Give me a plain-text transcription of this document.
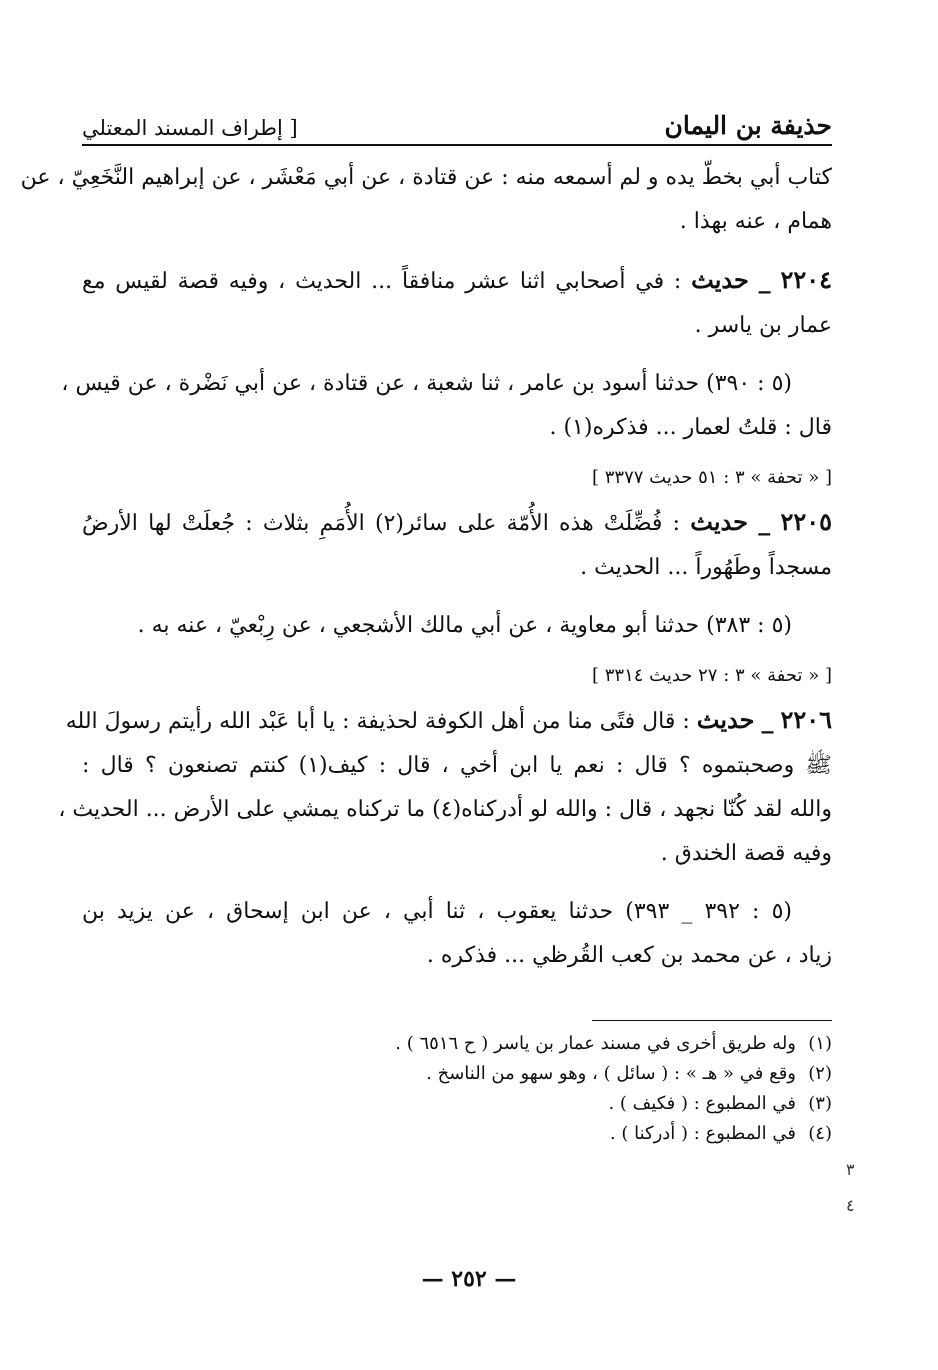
حذيفة بن اليمان
[ إطراف المسند المعتلي
كتاب أبي بخطّ يده و لم أسمعه منه : عن قتادة ، عن أبي مَعْشَر ، عن إبراهيم النَّخَعِيّ ، عن
همام ، عنه بهذا .
٢٢٠٤ _ حديث : في أصحابي اثنا عشر منافقاً ... الحديث ، وفيه قصة لقيس مع
عمار بن ياسر .
(٥ : ٣٩٠) حدثنا أسود بن عامر ، ثنا شعبة ، عن قتادة ، عن أبي نَضْرة ، عن قيس ،
قال : قلتُ لعمار ... فذكره(١) .
[ « تحفة » ٣ : ٥١ حديث ٣٣٧٧ ]
٢٢٠٥ _ حديث : فُضِّلَتْ هذه الأُمّة على سائر(٢) الأُمَمِ بثلاث : جُعلَتْ لها الأرضُ
مسجداً وطَهُوراً ... الحديث .
(٥ : ٣٨٣) حدثنا أبو معاوية ، عن أبي مالك الأشجعي ، عن رِبْعيّ ، عنه به .
[ « تحفة » ٣ : ٢٧ حديث ٣٣١٤ ]
٢٢٠٦ _ حديث : قال فتًى منا من أهل الكوفة لحذيفة : يا أبا عَبْد الله رأيتم رسولَ الله
ﷺ وصحبتموه ؟ قال : نعم يا ابن أخي ، قال : كيف(١) كنتم تصنعون ؟ قال :
والله لقد كُنّا نجهد ، قال : والله لو أدركناه(٤) ما تركناه يمشي على الأرض ... الحديث ،
وفيه قصة الخندق .
(٥ : ٣٩٢ _ ٣٩٣) حدثنا يعقوب ، ثنا أبي ، عن ابن إسحاق ، عن يزيد بن
زياد ، عن محمد بن كعب القُرظي ... فذكره .
(١)وله طريق أخرى في مسند عمار بن ياسر ( ح ٦٥١٦ ) .
(٢)وقع في « هـ » : ( سائل ) ، وهو سهو من الناسخ .
(٣)في المطبوع : ( فكيف ) .
(٤)في المطبوع : ( أدركنا ) .
٣
٤
— ٢٥٢ —
